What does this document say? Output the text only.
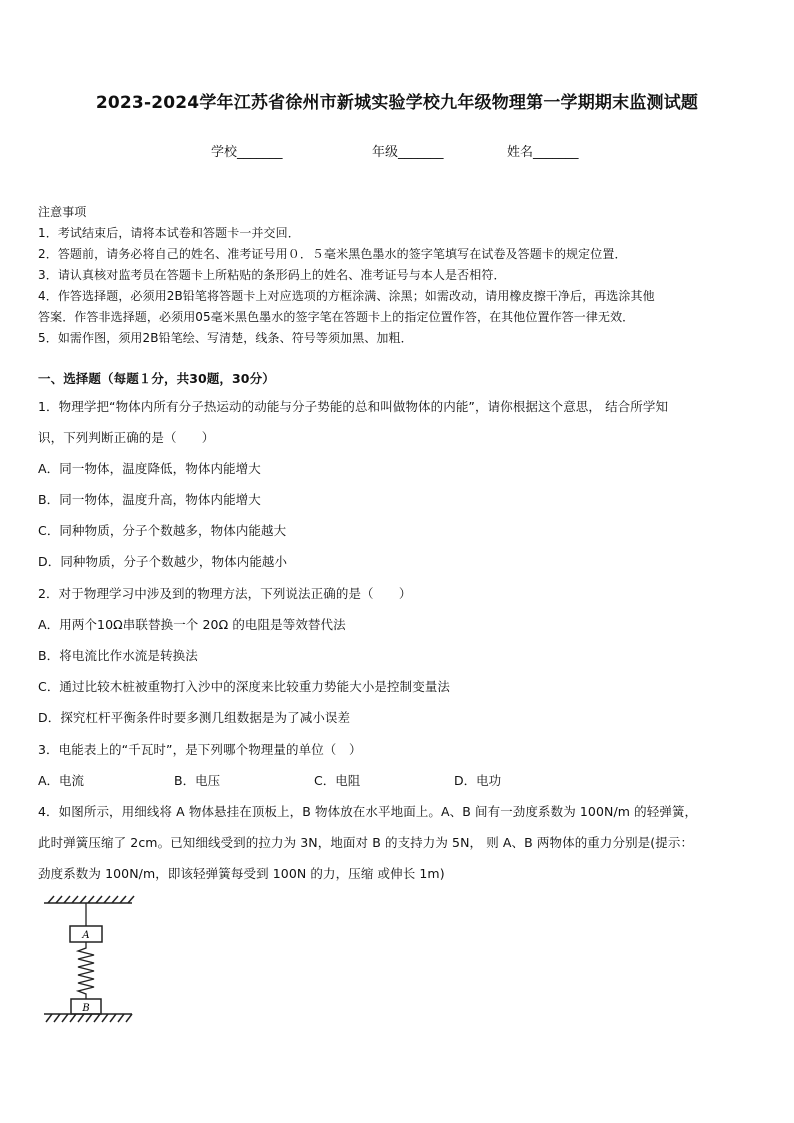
2023-2024学年江苏省徐州市新城实验学校九年级物理第一学期期末监测试题
学校_______	年级_______	姓名_______
注意事项
1．考试结束后，请将本试卷和答题卡一并交回．
2．答题前，请务必将自己的姓名、准考证号用０．５毫米黑色墨水的签字笔填写在试卷及答题卡的规定位置．
3．请认真核对监考员在答题卡上所粘贴的条形码上的姓名、准考证号与本人是否相符．
4．作答选择题，必须用2B铅笔将答题卡上对应选项的方框涂满、涂黑；如需改动，请用橡皮擦干净后，再选涂其他
答案．作答非选择题，必须用05毫米黑色墨水的签字笔在答题卡上的指定位置作答，在其他位置作答一律无效．
5．如需作图，须用2B铅笔绘、写清楚，线条、符号等须加黑、加粗．
一、选择题（每题１分，共30题，30分）
1．物理学把“物体内所有分子热运动的动能与分子势能的总和叫做物体的内能”，请你根据这个意思， 结合所学知
识，下列判断正确的是（　　）
A．同一物体，温度降低，物体内能增大
B．同一物体，温度升高，物体内能增大
C．同种物质，分子个数越多，物体内能越大
D．同种物质，分子个数越少，物体内能越小
2．对于物理学习中涉及到的物理方法，下列说法正确的是（　　）
A．用两个10Ω串联替换一个 20Ω 的电阻是等效替代法
B．将电流比作水流是转换法
C．通过比较木桩被重物打入沙中的深度来比较重力势能大小是控制变量法
D．探究杠杆平衡条件时要多测几组数据是为了减小误差
3．电能表上的“千瓦时”，是下列哪个物理量的单位（　）
A．电流	B．电压	C．电阻	D．电功
4．如图所示，用细线将 A 物体悬挂在顶板上，B 物体放在水平地面上。A、B 间有一劲度系数为 100N/m 的轻弹簧，
此时弹簧压缩了 2cm。已知细线受到的拉力为 3N，地面对 B 的支持力为 5N， 则 A、B 两物体的重力分别是(提示：
劲度系数为 100N/m，即该轻弹簧每受到 100N 的力，压缩 或伸长 1m)
A
B
